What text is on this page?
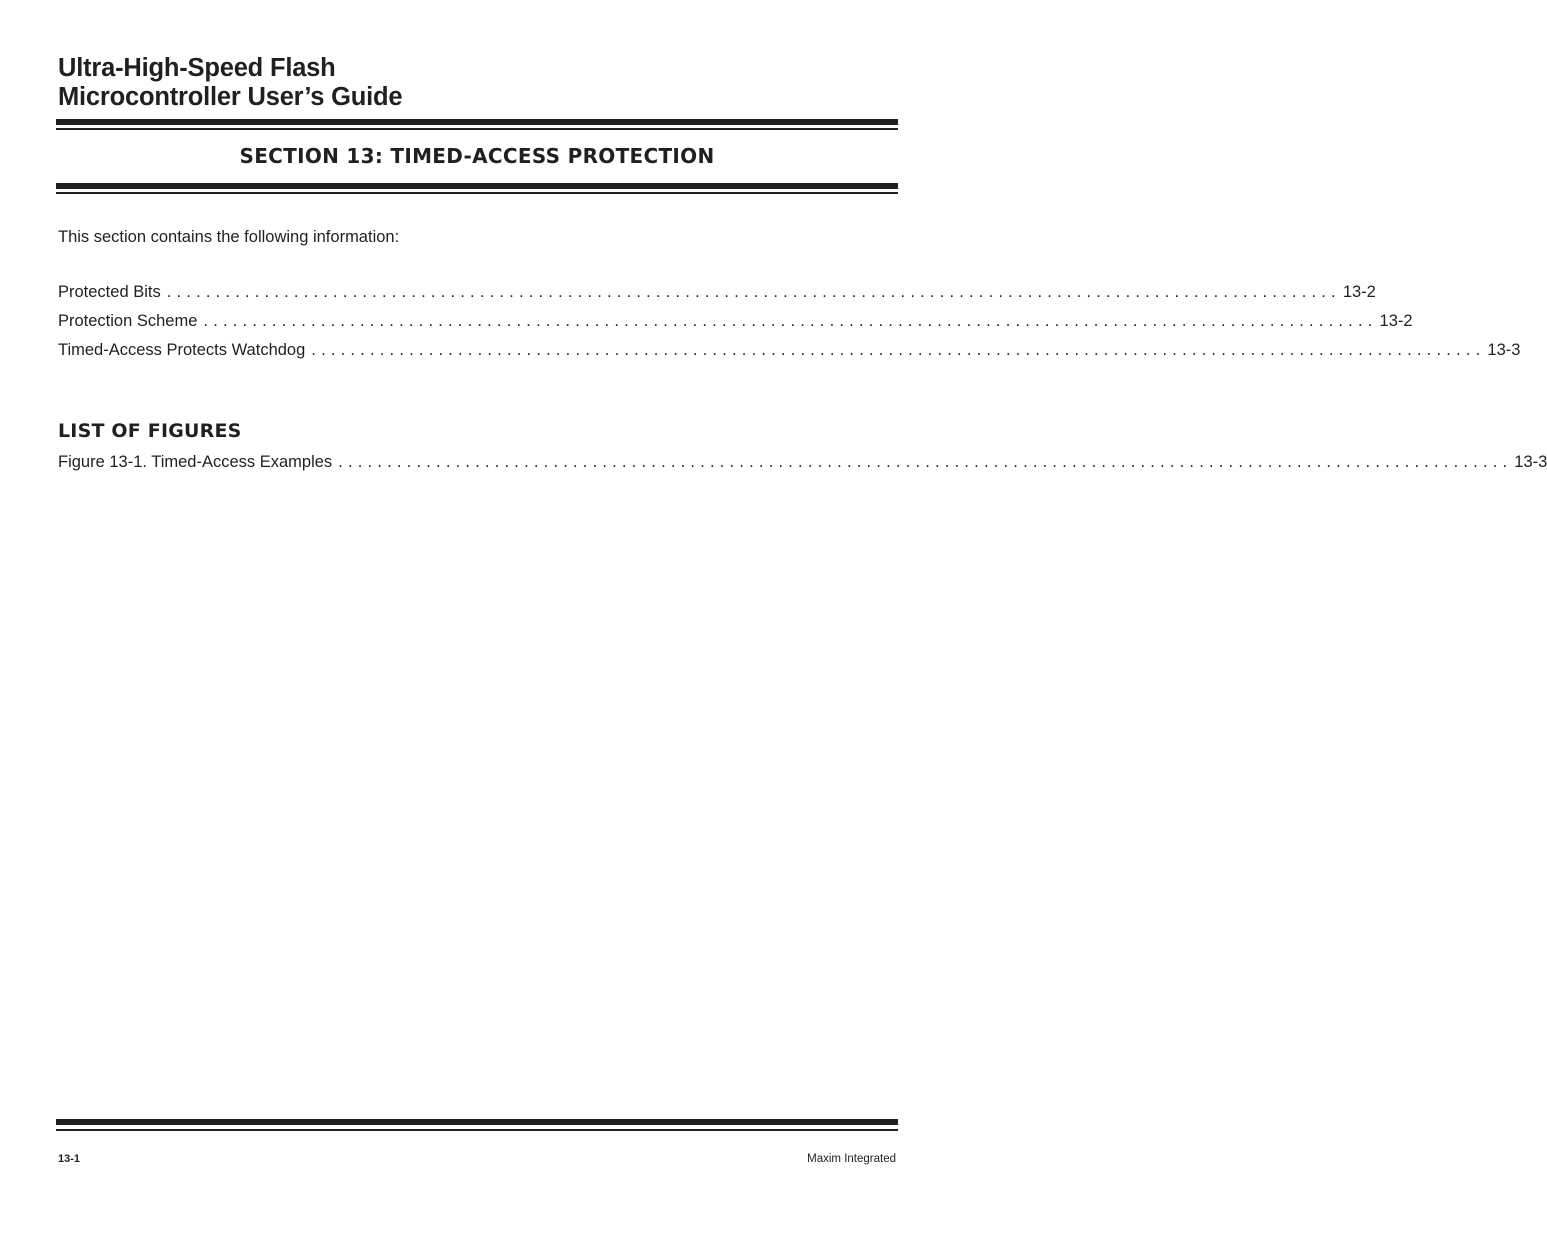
Ultra-High-Speed Flash
Microcontroller User’s Guide
SECTION 13: TIMED-ACCESS PROTECTION

This section contains the following information:

Protected Bits ........................................................................................................................ 13-2
Protection Scheme ........................................................................................................................ 13-2
Timed-Access Protects Watchdog ........................................................................................................................ 13-3
LIST OF FIGURES
Figure 13-1. Timed-Access Examples ........................................................................................................................ 13-3
13-1	Maxim Integrated
